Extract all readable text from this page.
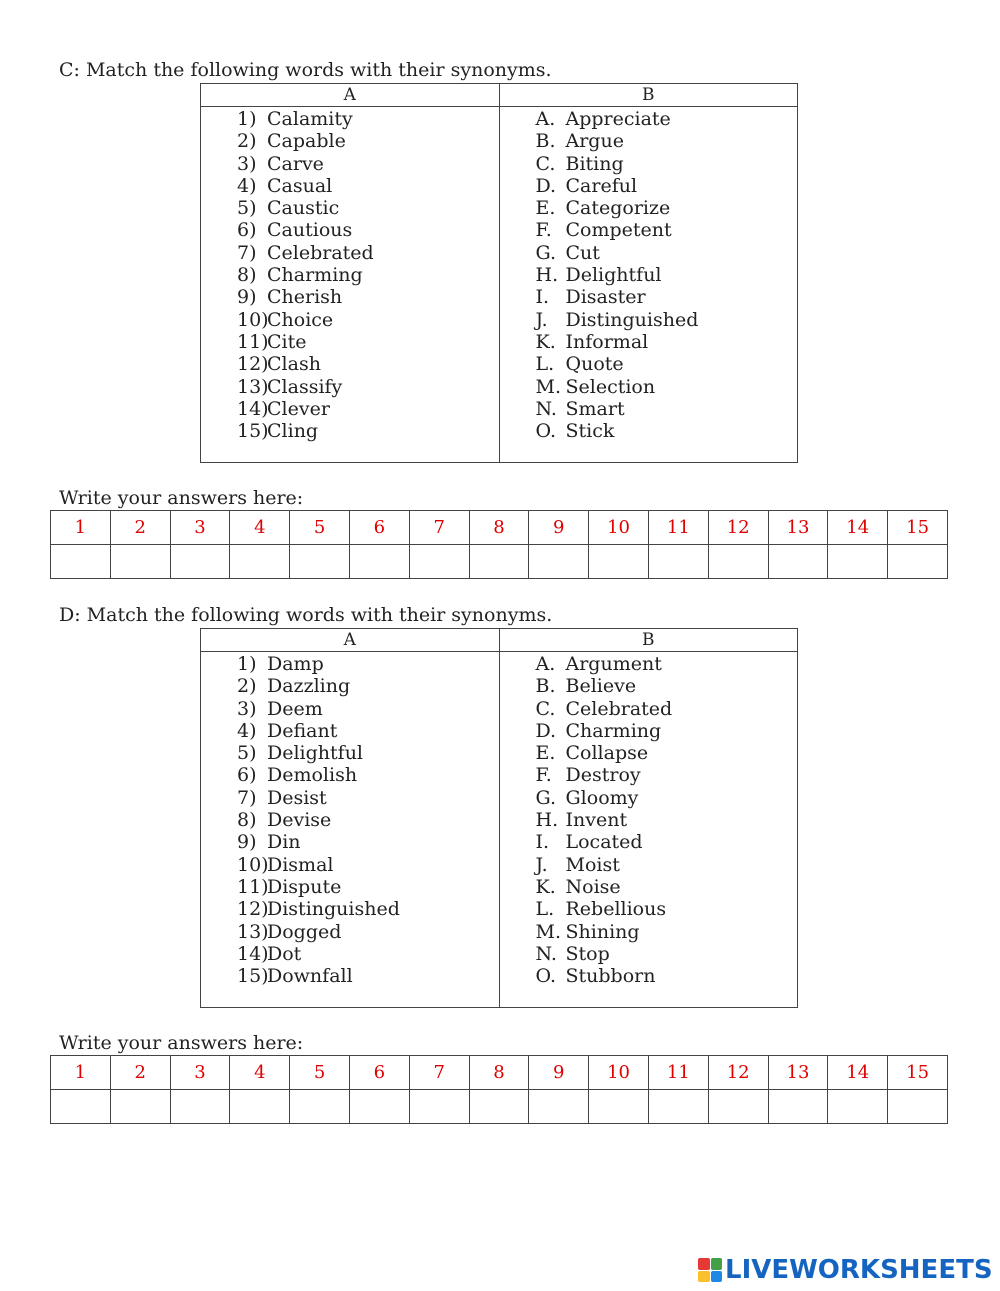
C: Match the following words with their synonyms.
A	B
1) Calamity
2) Capable
3) Carve
4) Casual
5) Caustic
6) Cautious
7) Celebrated
8) Charming
9) Cherish
10)
Choice
11)
Cite
12)
Clash
13)
Classify
14)
Clever
15)
Cling
A. Appreciate
B. Argue
C. Biting
D. Careful
E. Categorize
F. Competent
G. Cut
H. Delightful
I. Disaster
J. Distinguished
K. Informal
L. Quote
M. Selection
N. Smart
O. Stick
Write your answers here:
1	2	3	4	5	6	7	8	9	10	11	12	13	14	15

D: Match the following words with their synonyms.
A	B
1) Damp
2) Dazzling
3) Deem
4) Defiant
5) Delightful
6) Demolish
7) Desist
8) Devise
9) Din
10)
Dismal
11)
Dispute
12)
Distinguished
13)
Dogged
14)
Dot
15)
Downfall
A. Argument
B. Believe
C. Celebrated
D. Charming
E. Collapse
F. Destroy
G. Gloomy
H. Invent
I. Located
J. Moist
K. Noise
L. Rebellious
M. Shining
N. Stop
O. Stubborn
Write your answers here:
1	2	3	4	5	6	7	8	9	10	11	12	13	14	15

LIVEWORKSHEETS
